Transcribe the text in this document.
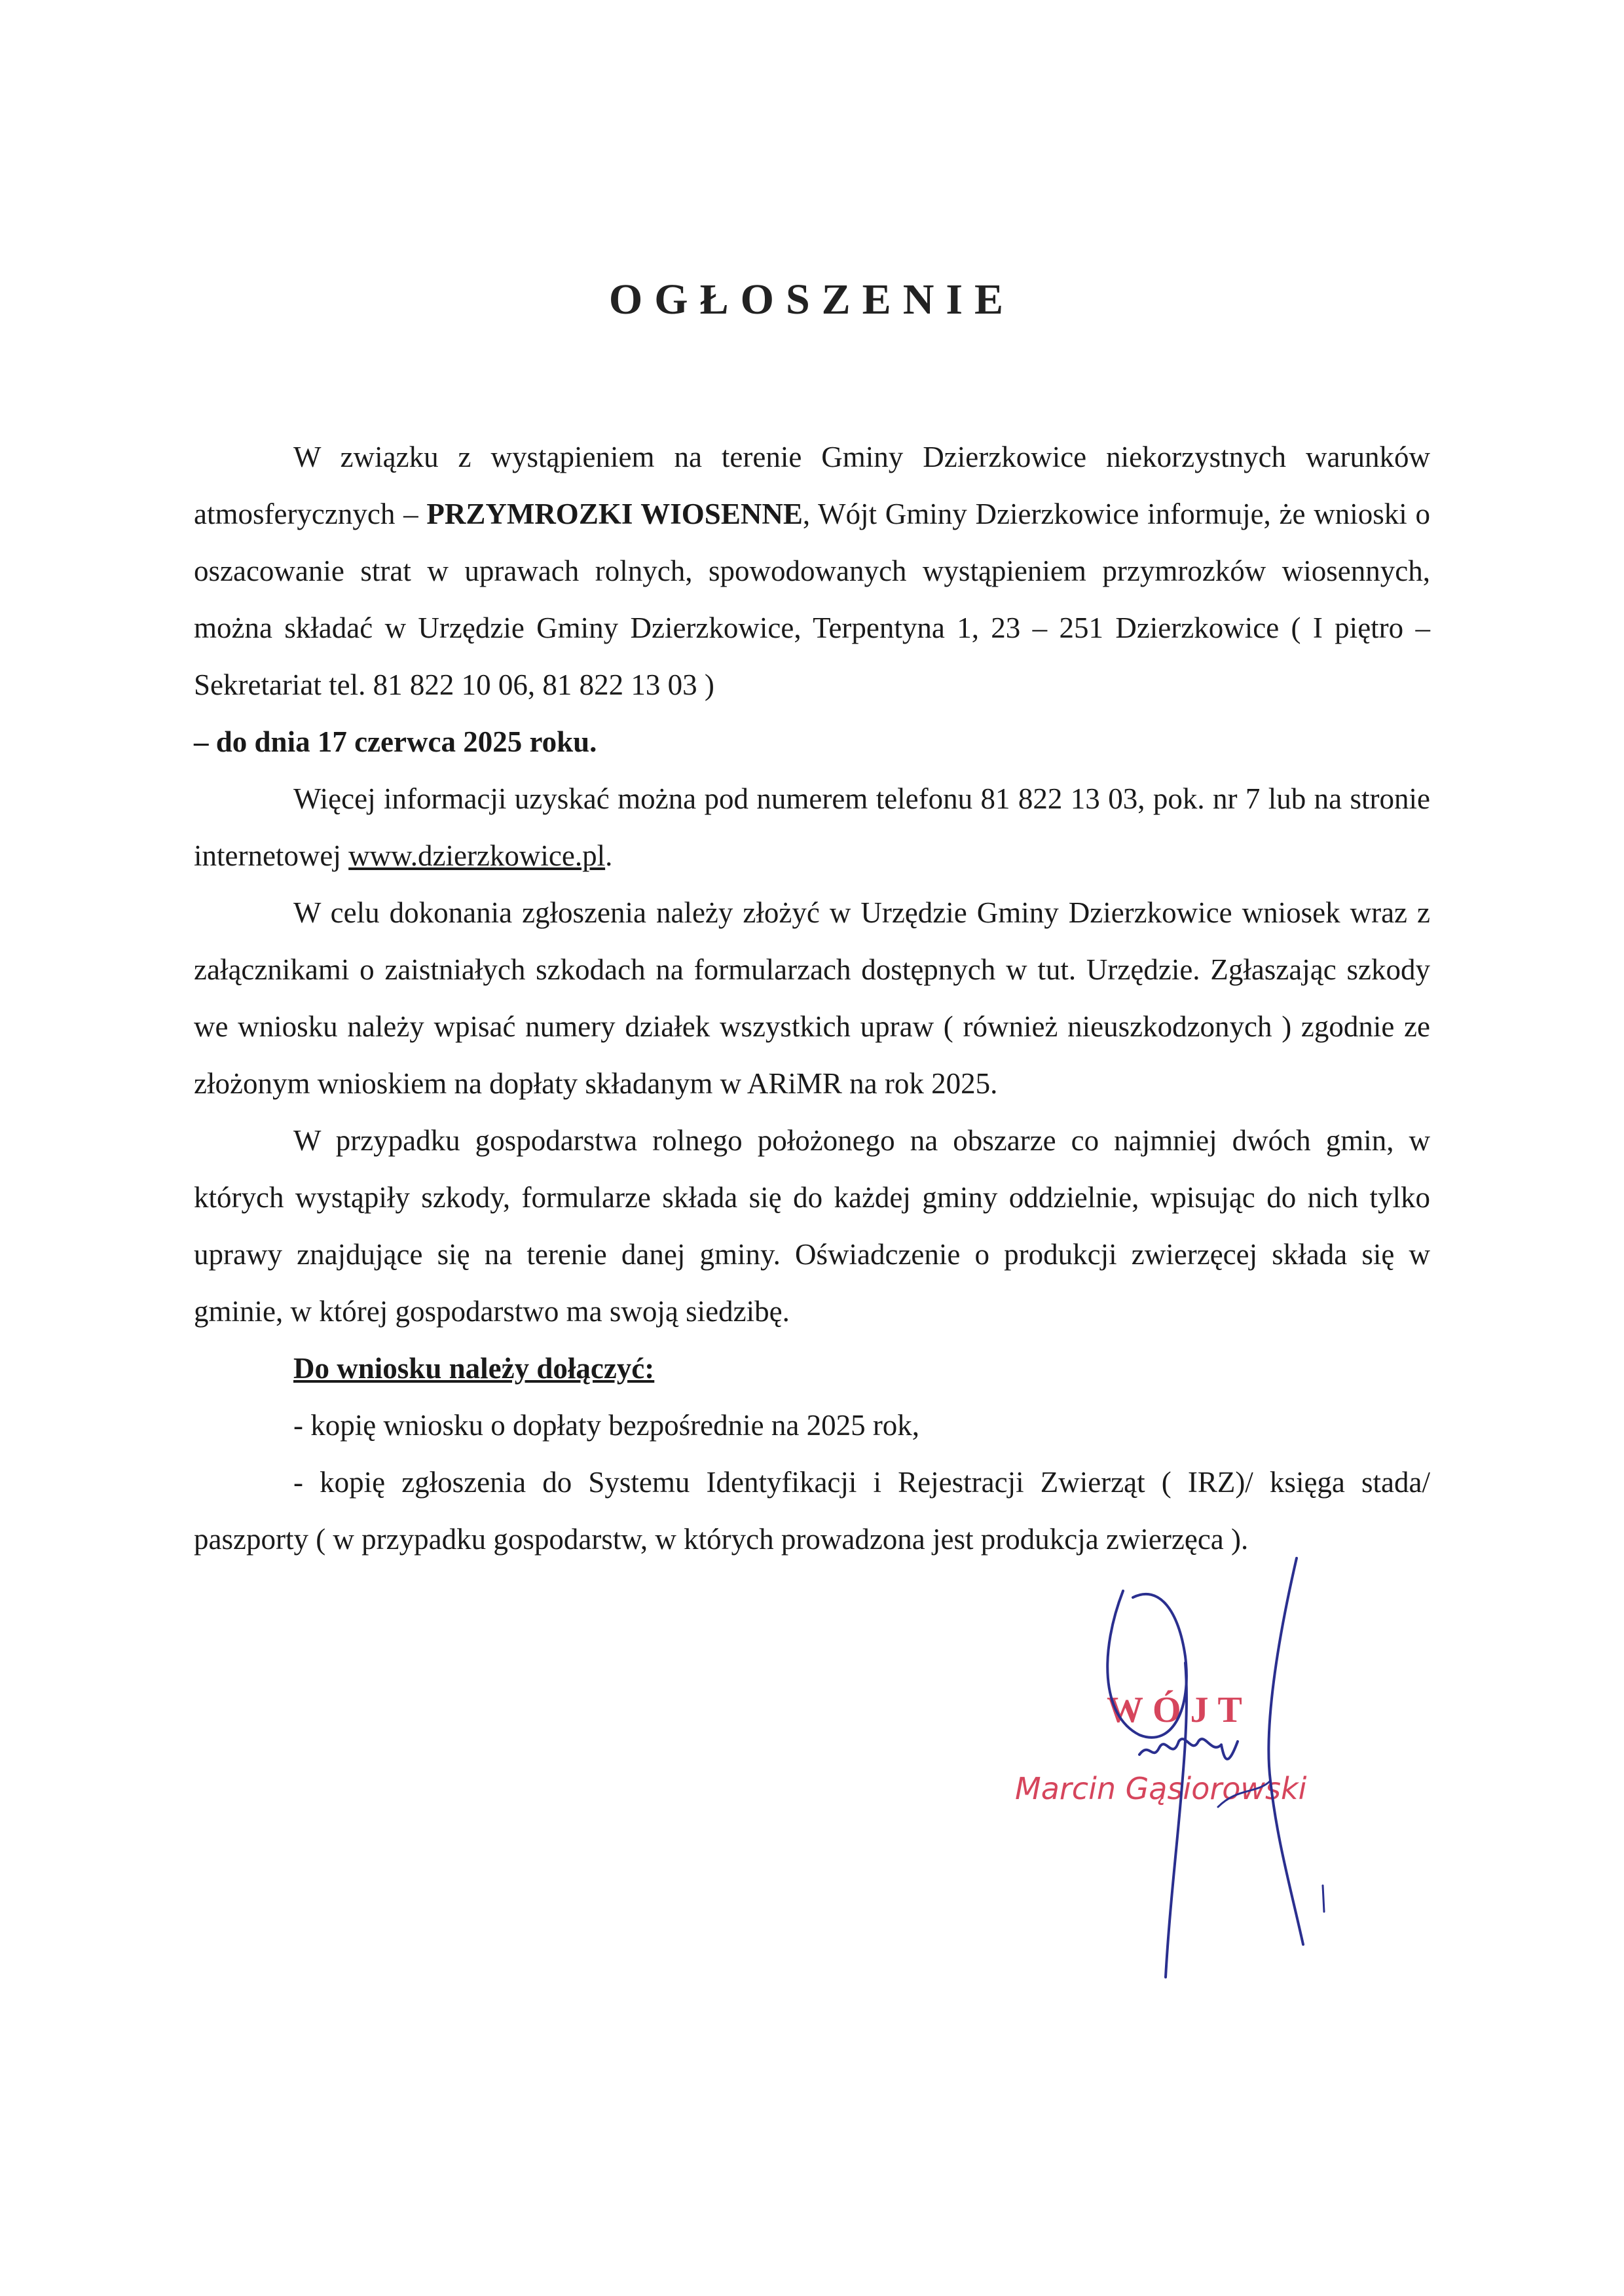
OGŁOSZENIE

W związku z wystąpieniem na terenie Gminy Dzierzkowice niekorzystnych warunków atmosferycznych – PRZYMROZKI WIOSENNE, Wójt Gminy Dzierzkowice informuje, że wnioski o oszacowanie strat w uprawach rolnych, spowodowanych wystąpieniem przymrozków wiosennych, można składać w Urzędzie Gminy Dzierzkowice, Terpentyna 1, 23 – 251 Dzierzkowice ( I piętro – Sekretariat tel. 81 822 10 06, 81 822 13 03 )

– do dnia 17 czerwca 2025 roku.

Więcej informacji uzyskać można pod numerem telefonu 81 822 13 03, pok. nr 7 lub na stronie internetowej www.dzierzkowice.pl.

W celu dokonania zgłoszenia należy złożyć w Urzędzie Gminy Dzierzkowice wniosek wraz z załącznikami o zaistniałych szkodach na formularzach dostępnych w tut. Urzędzie. Zgłaszając szkody we wniosku należy wpisać numery działek wszystkich upraw ( również nieuszkodzonych ) zgodnie ze złożonym wnioskiem na dopłaty składanym w ARiMR na rok 2025.

W przypadku gospodarstwa rolnego położonego na obszarze co najmniej dwóch gmin, w których wystąpiły szkody, formularze składa się do każdej gminy oddzielnie, wpisując do nich tylko uprawy znajdujące się na terenie danej gminy. Oświadczenie o produkcji zwierzęcej składa się w gminie, w której gospodarstwo ma swoją siedzibę.

Do wniosku należy dołączyć:

- kopię wniosku o dopłaty bezpośrednie na 2025 rok,

- kopię zgłoszenia do Systemu Identyfikacji i Rejestracji Zwierząt ( IRZ)/ księga stada/ paszporty ( w przypadku gospodarstw, w których prowadzona jest produkcja zwierzęca ).

WÓJT
Marcin Gąsiorowski
